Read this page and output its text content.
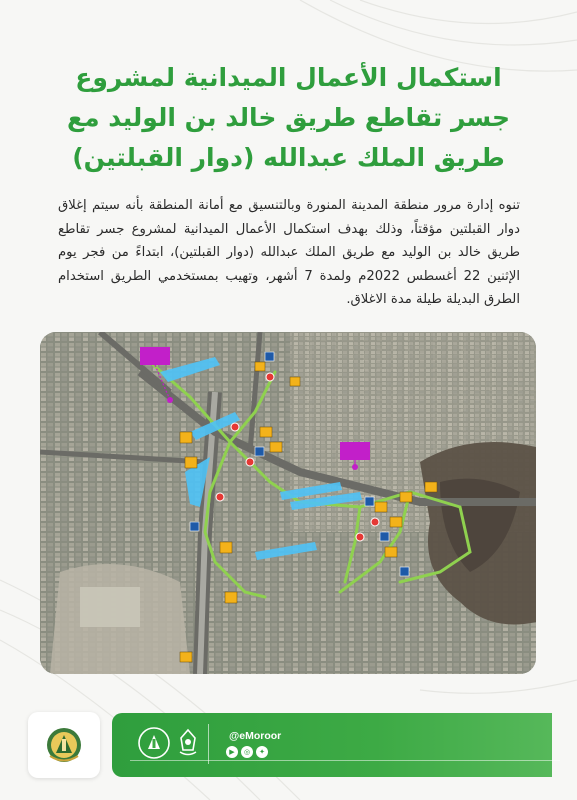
استكمال الأعمال الميدانية لمشروع
جسر تقاطع طريق خالد بن الوليد مع
طريق الملك عبدالله (دوار القبلتين)
تنوه إدارة مرور منطقة المدينة المنورة وبالتنسيق مع أمانة المنطقة بأنه سيتم إغلاق دوار القبلتين مؤقتاً، وذلك بهدف استكمال الأعمال الميدانية لمشروع جسر تقاطع طريق خالد بن الوليد مع طريق الملك عبدالله (دوار القبلتين)، ابتداءً من فجر يوم الإثنين 22 أغسطس 2022م ولمدة 7 أشهر، وتهيب بمستخدمي الطريق استخدام الطرق البديلة طيلة مدة الاغلاق.
@eMoroor
▶	◎	✦
